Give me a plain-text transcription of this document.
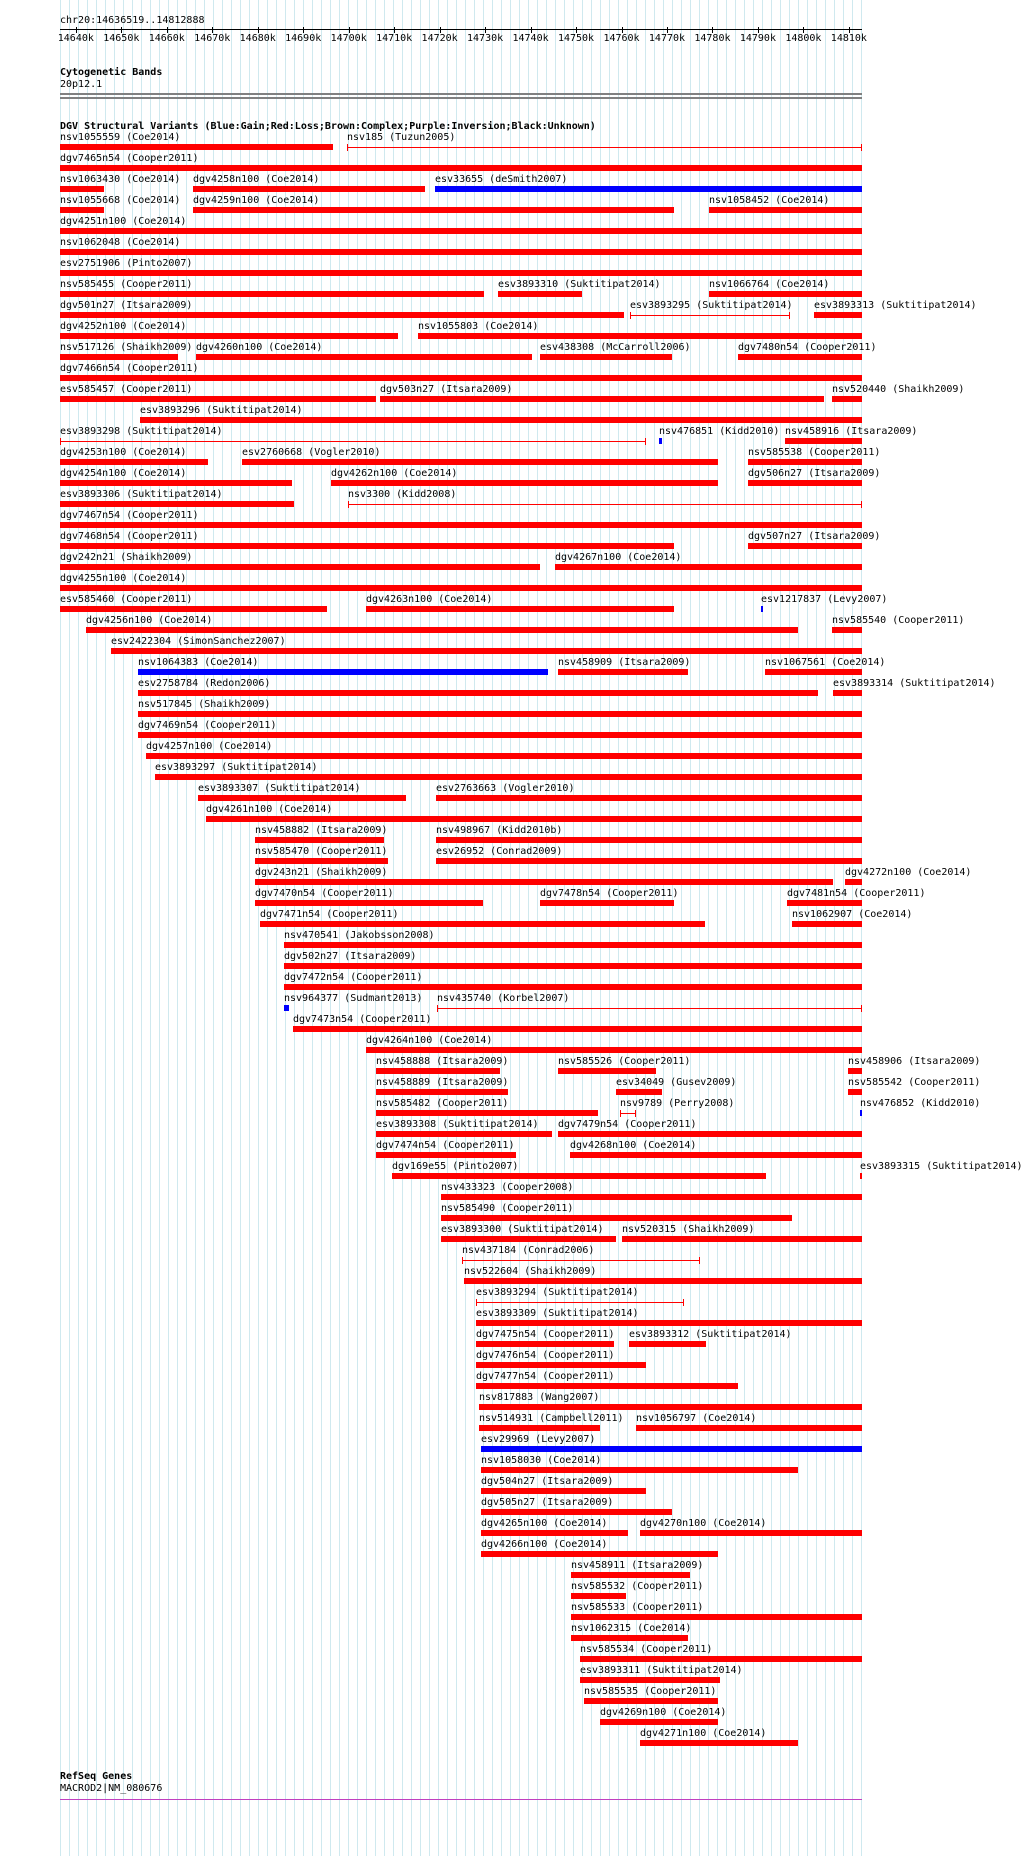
chr20:14636519..14812888
14640k 14650k 14660k 14670k 14680k 14690k 14700k 14710k 14720k 14730k 14740k 14750k 14760k 14770k 14780k 14790k 14800k 14810k
Cytogenetic Bands
20p12.1
DGV Structural Variants (Blue:Gain;Red:Loss;Brown:Complex;Purple:Inversion;Black:Unknown)
nsv1055559 (Coe2014)	nsv185 (Tuzun2005)
dgv7465n54 (Cooper2011)
nsv1063430 (Coe2014) dgv4258n100 (Coe2014)	esv33655 (deSmith2007)
nsv1055668 (Coe2014) dgv4259n100 (Coe2014)	nsv1058452 (Coe2014)
dgv4251n100 (Coe2014)
nsv1062048 (Coe2014)
esv2751906 (Pinto2007)
nsv585455 (Cooper2011)	esv3893310 (Suktitipat2014)	nsv1066764 (Coe2014)
dgv501n27 (Itsara2009)	esv3893295 (Suktitipat2014) esv3893313 (Suktitipat2014)
dgv4252n100 (Coe2014)	nsv1055803 (Coe2014)
nsv517126 (Shaikh2009) dgv4260n100 (Coe2014)	esv438308 (McCarroll2006)	dgv7480n54 (Cooper2011)
dgv7466n54 (Cooper2011)
esv585457 (Cooper2011)	dgv503n27 (Itsara2009)	nsv520440 (Shaikh2009)
esv3893296 (Suktitipat2014)
esv3893298 (Suktitipat2014)	nsv476851 (Kidd2010) nsv458916 (Itsara2009)
dgv4253n100 (Coe2014)	esv2760668 (Vogler2010)	nsv585538 (Cooper2011)
dgv4254n100 (Coe2014)	dgv4262n100 (Coe2014)	dgv506n27 (Itsara2009)
esv3893306 (Suktitipat2014)	nsv3300 (Kidd2008)
dgv7467n54 (Cooper2011)
dgv7468n54 (Cooper2011)	dgv507n27 (Itsara2009)
dgv242n21 (Shaikh2009)	dgv4267n100 (Coe2014)
dgv4255n100 (Coe2014)
esv585460 (Cooper2011)	dgv4263n100 (Coe2014)	esv1217837 (Levy2007)
dgv4256n100 (Coe2014)	nsv585540 (Cooper2011)
esv2422304 (SimonSanchez2007)
nsv1064383 (Coe2014)	nsv458909 (Itsara2009)	nsv1067561 (Coe2014)
esv2758784 (Redon2006)	esv3893314 (Suktitipat2014)
nsv517845 (Shaikh2009)
dgv7469n54 (Cooper2011)
dgv4257n100 (Coe2014)
esv3893297 (Suktitipat2014)
esv3893307 (Suktitipat2014)	esv2763663 (Vogler2010)
dgv4261n100 (Coe2014)
nsv458882 (Itsara2009)	nsv498967 (Kidd2010b)
nsv585470 (Cooper2011)	esv26952 (Conrad2009)
dgv243n21 (Shaikh2009)	dgv4272n100 (Coe2014)
dgv7470n54 (Cooper2011)	dgv7478n54 (Cooper2011)	dgv7481n54 (Cooper2011)
dgv7471n54 (Cooper2011)	nsv1062907 (Coe2014)
nsv470541 (Jakobsson2008)
dgv502n27 (Itsara2009)
dgv7472n54 (Cooper2011)
nsv964377 (Sudmant2013) nsv435740 (Korbel2007)
dgv7473n54 (Cooper2011)
dgv4264n100 (Coe2014)
nsv458888 (Itsara2009)	nsv585526 (Cooper2011)	nsv458906 (Itsara2009)
nsv458889 (Itsara2009)	esv34049 (Gusev2009)	nsv585542 (Cooper2011)
nsv585482 (Cooper2011)	nsv9789 (Perry2008)	nsv476852 (Kidd2010)
esv3893308 (Suktitipat2014) dgv7479n54 (Cooper2011)
dgv7474n54 (Cooper2011)	dgv4268n100 (Coe2014)
dgv169e55 (Pinto2007)	esv3893315 (Suktitipat2014)
nsv433323 (Cooper2008)
nsv585490 (Cooper2011)
esv3893300 (Suktitipat2014) nsv520315 (Shaikh2009)
nsv437184 (Conrad2006)
nsv522604 (Shaikh2009)
esv3893294 (Suktitipat2014)
esv3893309 (Suktitipat2014)
dgv7475n54 (Cooper2011) esv3893312 (Suktitipat2014)
dgv7476n54 (Cooper2011)
dgv7477n54 (Cooper2011)
nsv817883 (Wang2007)
nsv514931 (Campbell2011) nsv1056797 (Coe2014)
esv29969 (Levy2007)
nsv1058030 (Coe2014)
dgv504n27 (Itsara2009)
dgv505n27 (Itsara2009)
dgv4265n100 (Coe2014)	dgv4270n100 (Coe2014)
dgv4266n100 (Coe2014)
nsv458911 (Itsara2009)
nsv585532 (Cooper2011)
nsv585533 (Cooper2011)
nsv1062315 (Coe2014)
nsv585534 (Cooper2011)
esv3893311 (Suktitipat2014)
nsv585535 (Cooper2011)
dgv4269n100 (Coe2014)
dgv4271n100 (Coe2014)
RefSeq Genes
MACROD2|NM_080676
